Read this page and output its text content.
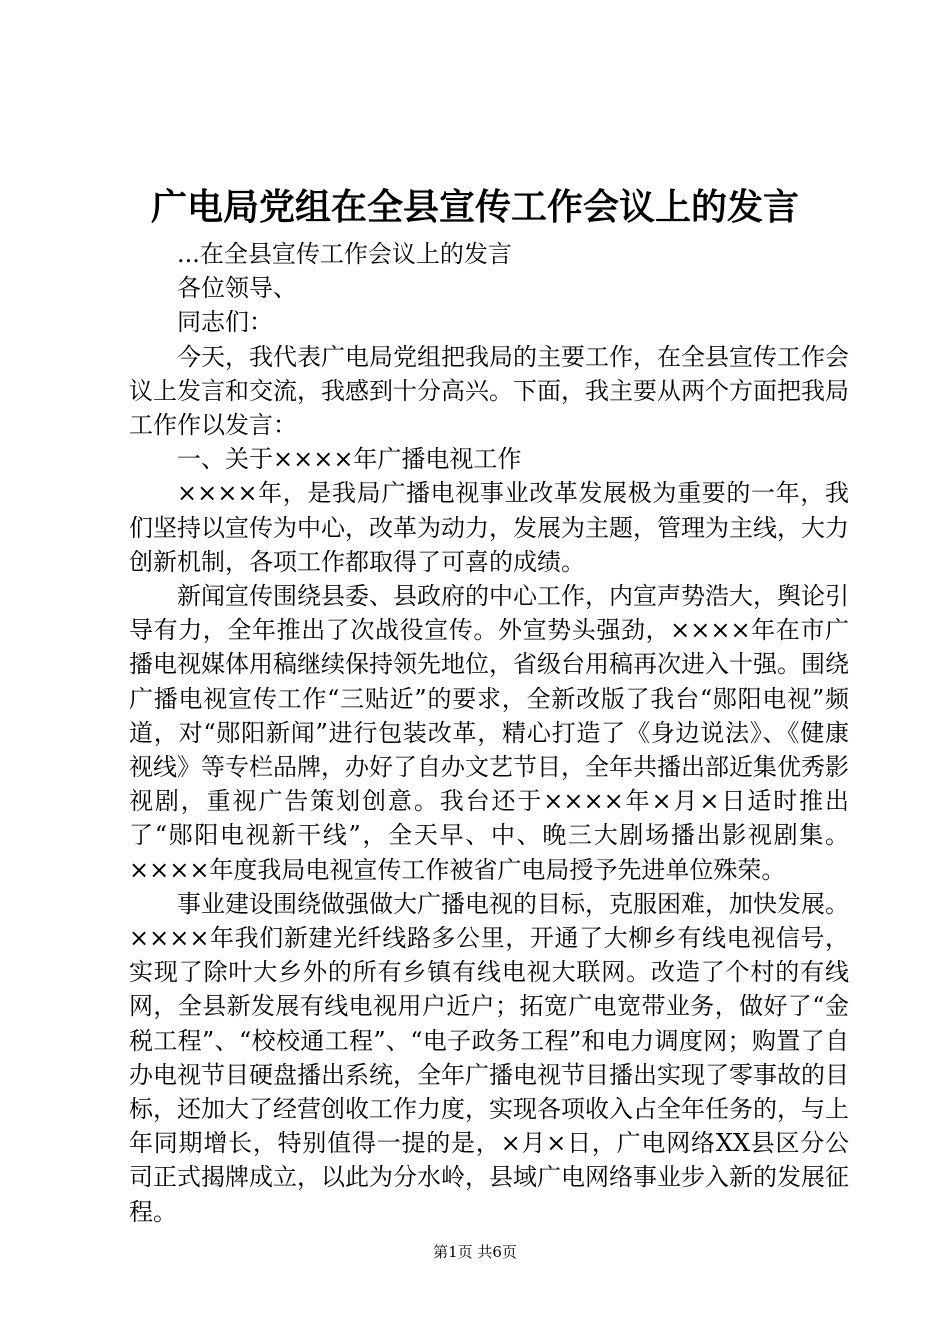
广电局党组在全县宣传工作会议上的发言

...在全县宣传工作会议上的发言

各位领导、

同志们：

今天，我代表广电局党组把我局的主要工作，在全县宣传工作会议上发言和交流，我感到十分高兴。下面，我主要从两个方面把我局工作作以发言：

一、关于××××年广播电视工作

××××年，是我局广播电视事业改革发展极为重要的一年，我们坚持以宣传为中心，改革为动力，发展为主题，管理为主线，大力创新机制，各项工作都取得了可喜的成绩。

新闻宣传围绕县委、县政府的中心工作，内宣声势浩大，舆论引导有力，全年推出了次战役宣传。外宣势头强劲，××××年在市广播电视媒体用稿继续保持领先地位，省级台用稿再次进入十强。围绕广播电视宣传工作“三贴近”的要求，全新改版了我台“郧阳电视”频道，对“郧阳新闻”进行包装改革，精心打造了《身边说法》、《健康视线》等专栏品牌，办好了自办文艺节目，全年共播出部近集优秀影视剧，重视广告策划创意。我台还于××××年×月×日适时推出了“郧阳电视新干线”，全天早、中、晚三大剧场播出影视剧集。××××年度我局电视宣传工作被省广电局授予先进单位殊荣。

事业建设围绕做强做大广播电视的目标，克服困难，加快发展。××××年我们新建光纤线路多公里，开通了大柳乡有线电视信号，实现了除叶大乡外的所有乡镇有线电视大联网。改造了个村的有线网，全县新发展有线电视用户近户；拓宽广电宽带业务，做好了“金税工程”、“校校通工程”、“电子政务工程”和电力调度网；购置了自办电视节目硬盘播出系统，全年广播电视节目播出实现了零事故的目标，还加大了经营创收工作力度，实现各项收入占全年任务的，与上年同期增长，特别值得一提的是，×月×日，广电网络XX县区分公司正式揭牌成立，以此为分水岭，县域广电网络事业步入新的发展征程。

第1页 共6页
